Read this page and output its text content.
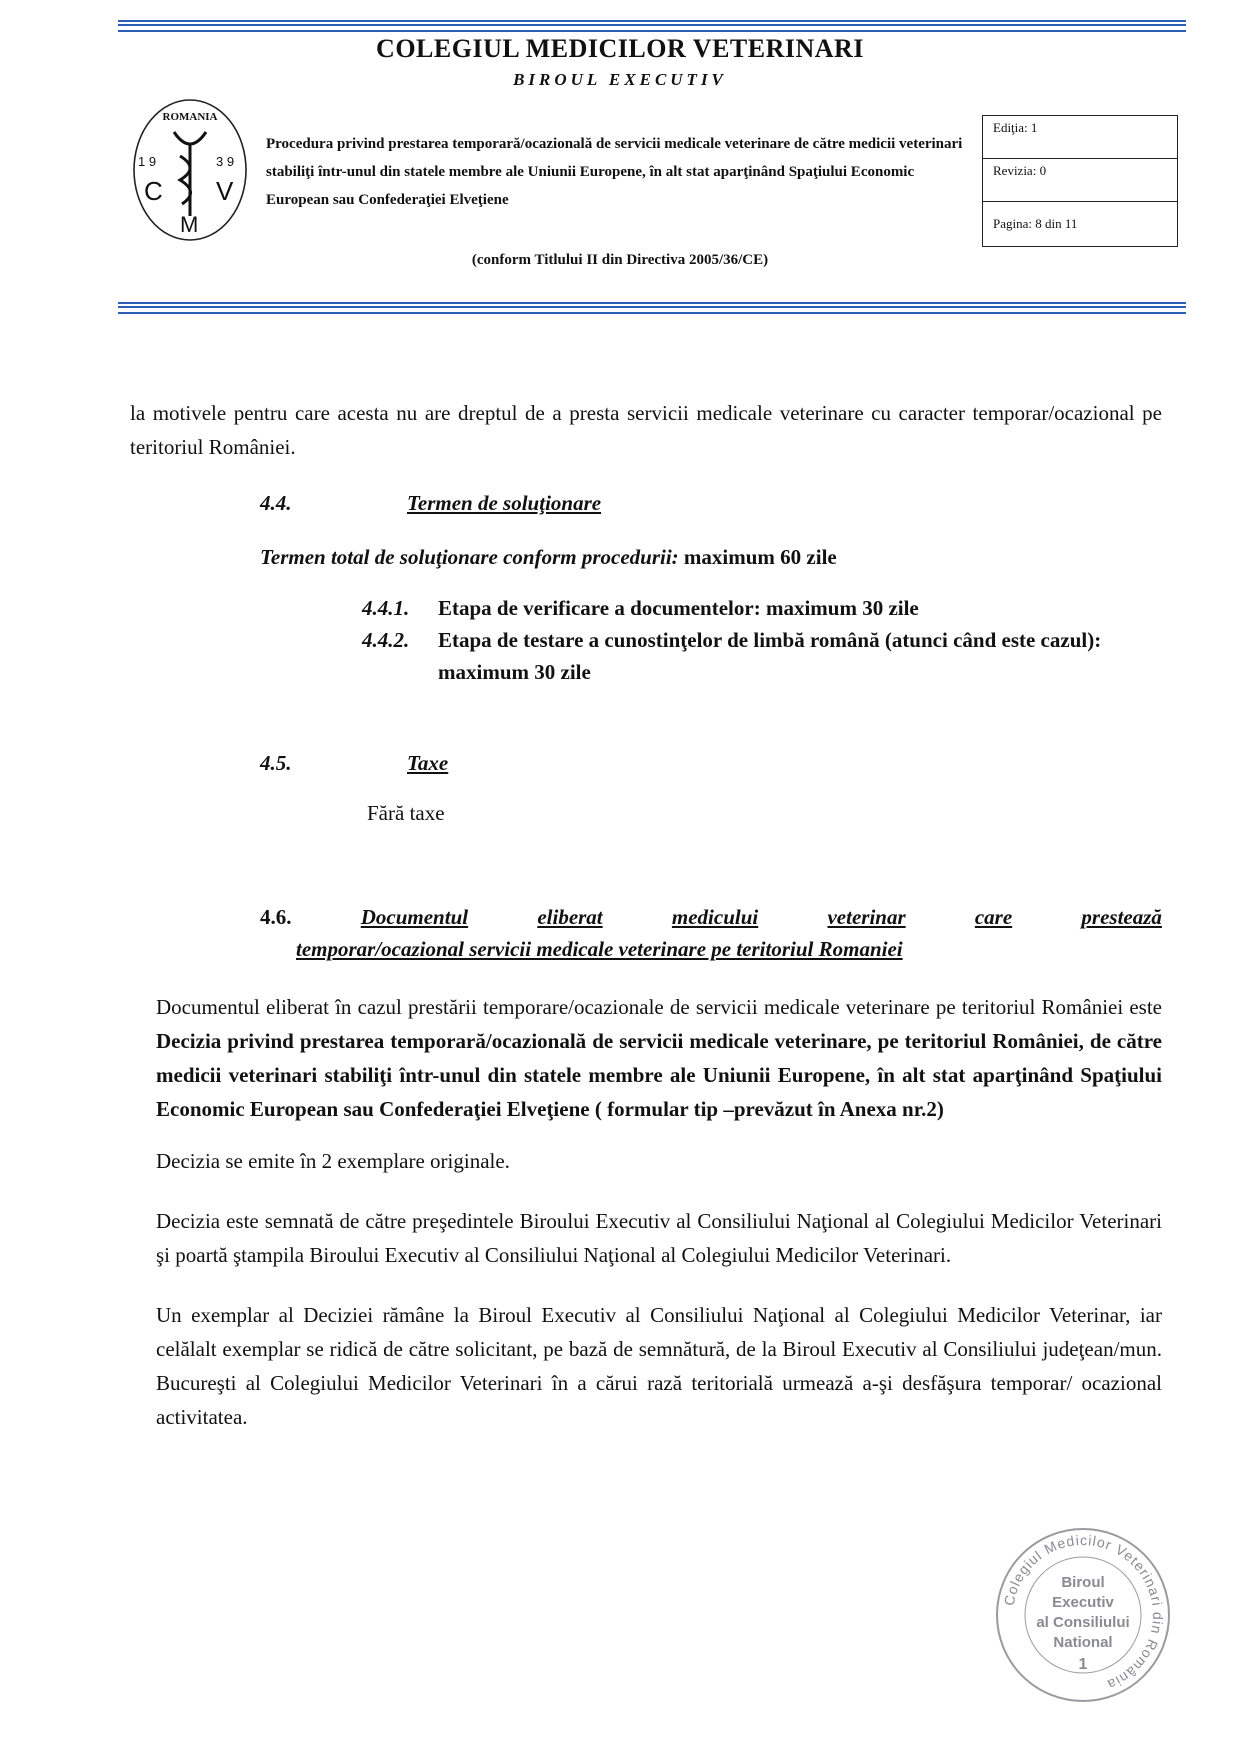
COLEGIUL MEDICILOR VETERINARI
BIROUL EXECUTIV
ROMANIA
1 9	3 9
C
M
V
Procedura privind prestarea temporară/ocazională de servicii medicale veterinare de către medicii veterinari stabiliţi într-unul din statele membre ale Uniunii Europene, în alt stat aparţinând Spaţiului Economic European sau Confederaţiei Elveţiene
Ediţia: 1
Revizia: 0
Pagina: 8 din 11
(conform Titlului II din Directiva 2005/36/CE)

la motivele pentru care acesta nu are dreptul de a presta servicii medicale veterinare cu caracter temporar/ocazional pe teritoriul României.

4.4.	Termen de soluţionare
Termen total de soluţionare conform procedurii: maximum 60 zile
4.4.1.	Etapa de verificare a documentelor: maximum 30 zile
4.4.2.	Etapa de testare a cunostinţelor de limbă română (atunci când este cazul): maximum 30 zile
4.5.	Taxe
Fără taxe
4.6.	Documentul	eliberat	medicului	veterinar	care	prestează
temporar/ocazional servicii medicale veterinare pe teritoriul Romaniei
Documentul eliberat în cazul prestării temporare/ocazionale de servicii medicale veterinare pe teritoriul României este Decizia privind prestarea temporară/ocazională de servicii medicale veterinare, pe teritoriul României, de către medicii veterinari stabiliţi într-unul din statele membre ale Uniunii Europene, în alt stat aparţinând Spaţiului Economic European sau Confederaţiei Elveţiene ( formular tip –prevăzut în Anexa nr.2)
Decizia se emite în 2 exemplare originale.
Decizia este semnată de către preşedintele Biroului Executiv al Consiliului Naţional al Colegiului Medicilor Veterinari şi poartă ştampila Biroului Executiv al Consiliului Naţional al Colegiului Medicilor Veterinari.
Un exemplar al Deciziei rămâne la Biroul Executiv al Consiliului Naţional al Colegiului Medicilor Veterinar, iar celălalt exemplar se ridică de către solicitant, pe bază de semnătură, de la Biroul Executiv al Consiliului judeţean/mun. Bucureşti al Colegiului Medicilor Veterinari în a cărui rază teritorială urmează a-şi desfăşura temporar/ ocazional activitatea.
Colegiul Medicilor Veterinari din România
Biroul
Executiv
al Consiliului
National
1
